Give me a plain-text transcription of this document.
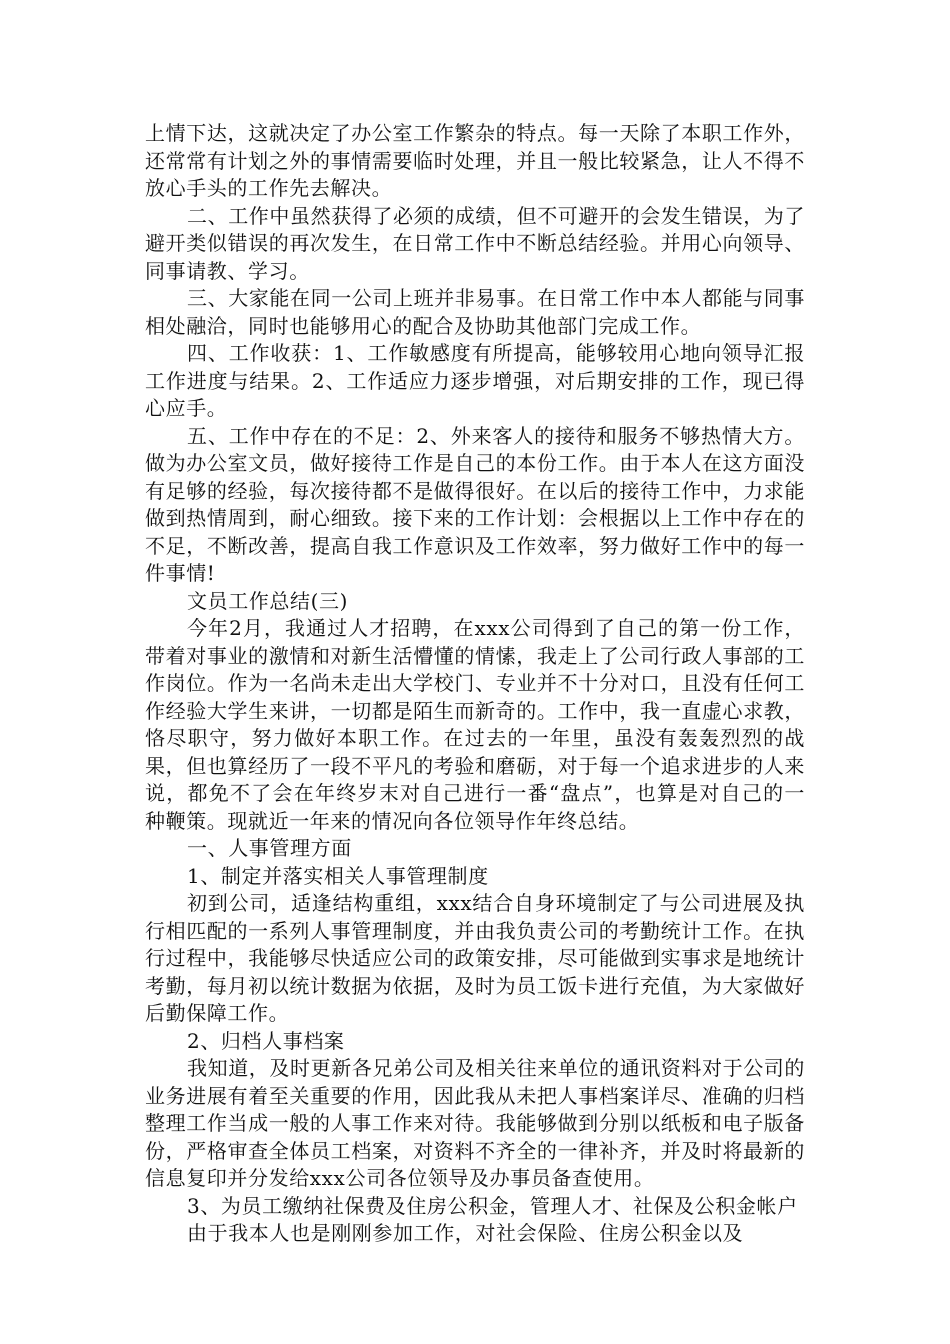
上情下达，这就决定了办公室工作繁杂的特点。每一天除了本职工作外，还常常有计划之外的事情需要临时处理，并且一般比较紧急，让人不得不放心手头的工作先去解决。

二、工作中虽然获得了必须的成绩，但不可避开的会发生错误，为了避开类似错误的再次发生，在日常工作中不断总结经验。并用心向领导、同事请教、学习。

三、大家能在同一公司上班并非易事。在日常工作中本人都能与同事相处融洽，同时也能够用心的配合及协助其他部门完成工作。

四、工作收获：1、工作敏感度有所提高，能够较用心地向领导汇报工作进度与结果。2、工作适应力逐步增强，对后期安排的工作，现已得心应手。

五、工作中存在的不足：2、外来客人的接待和服务不够热情大方。做为办公室文员，做好接待工作是自己的本份工作。由于本人在这方面没有足够的经验，每次接待都不是做得很好。在以后的接待工作中，力求能做到热情周到，耐心细致。接下来的工作计划：会根据以上工作中存在的不足，不断改善，提高自我工作意识及工作效率，努力做好工作中的每一件事情!

文员工作总结(三)

今年2月，我通过人才招聘，在xxx公司得到了自己的第一份工作，带着对事业的激情和对新生活懵懂的情愫，我走上了公司行政人事部的工作岗位。作为一名尚未走出大学校门、专业并不十分对口，且没有任何工作经验大学生来讲，一切都是陌生而新奇的。工作中，我一直虚心求教，恪尽职守，努力做好本职工作。在过去的一年里，虽没有轰轰烈烈的战果，但也算经历了一段不平凡的考验和磨砺，对于每一个追求进步的人来说，都免不了会在年终岁末对自己进行一番“盘点”，也算是对自己的一种鞭策。现就近一年来的情况向各位领导作年终总结。

一、人事管理方面

1、制定并落实相关人事管理制度

初到公司，适逢结构重组，xxx结合自身环境制定了与公司进展及执行相匹配的一系列人事管理制度，并由我负责公司的考勤统计工作。在执行过程中，我能够尽快适应公司的政策安排，尽可能做到实事求是地统计考勤，每月初以统计数据为依据，及时为员工饭卡进行充值，为大家做好后勤保障工作。

2、归档人事档案

我知道，及时更新各兄弟公司及相关往来单位的通讯资料对于公司的业务进展有着至关重要的作用，因此我从未把人事档案详尽、准确的归档整理工作当成一般的人事工作来对待。我能够做到分别以纸板和电子版备份，严格审查全体员工档案，对资料不齐全的一律补齐，并及时将最新的信息复印并分发给xxx公司各位领导及办事员备查使用。

3、为员工缴纳社保费及住房公积金，管理人才、社保及公积金帐户

由于我本人也是刚刚参加工作，对社会保险、住房公积金以及
